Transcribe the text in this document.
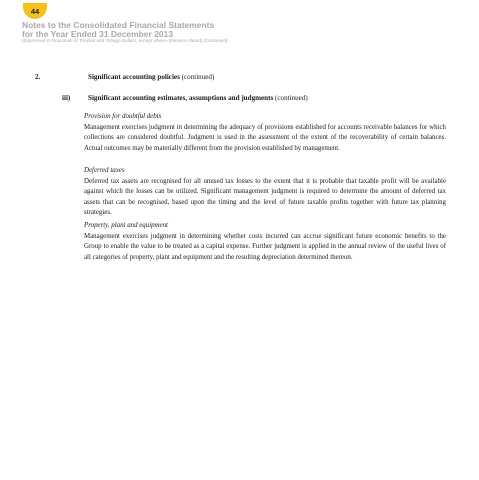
44
Notes to the Consolidated Financial Statements
for the Year Ended 31 December 2013
(Expressed in thousands of Trinidad and Tobago Dollars, except where otherwise stated) (Continued)
2.	Significant accounting policies (continued)
iii) Significant accounting estimates, assumptions and judgments (continued)
Provision for doubtful debts

Management exercises judgment in determining the adequacy of provisions established for accounts receivable balances for which collections are considered doubtful. Judgment is used in the assessment of the extent of the recoverability of certain balances. Actual outcomes may be materially different from the provision established by management.

Deferred taxes

Deferred tax assets are recognised for all unused tax losses to the extent that it is probable that taxable profit will be available against which the losses can be utilized. Significant management judgment is required to determine the amount of deferred tax assets that can be recognised, based upon the timing and the level of future taxable profits together with future tax planning strategies.

Property, plant and equipment

Management exercises judgment in determining whether costs incurred can accrue significant future economic benefits to the Group to enable the value to be treated as a capital expense. Further judgment is applied in the annual review of the useful lives of all categories of property, plant and equipment and the resulting depreciation determined thereon.
